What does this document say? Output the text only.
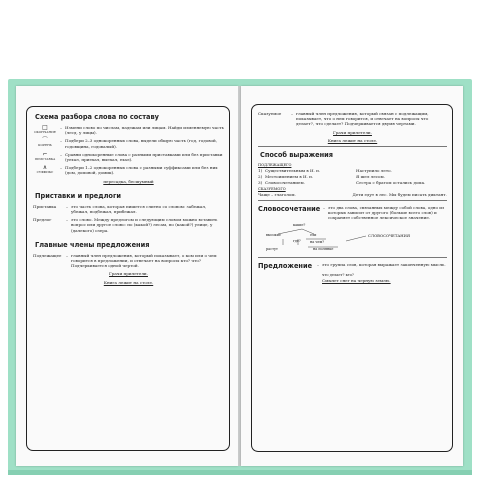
Схема разбора слова по составу
□
ОКОНЧАНИЕ
– Измени слово по числам, падежам или лицам. Найди изменяемую часть (лесд, у лицы).
⌒
КОРЕНЬ
– Подбери 2–3 однокоренных слова, выдели общую часть (год, годовой, годовщина, годовалый).
⌐
ПРИСТАВКА
– Сравни однокоренные слова с разными приставками или без приставки (уехал, приехал, выехал, ехал).
∧
СУФФИКС
– Подбери 1–2 однокоренных слова с разными суффиксами или без них (дом, домовой, домик).
пересадка, бесшумный
Приставки и предлоги
Приставка	– это часть слова, которая пишется слитно со словом: забежал, убежал, подбежал, прибежал.
Предлог	– это слово. Между предлогом и следующим словом можно вставить вопрос или другое слово: по (какой?) лесам, по (какой?) улице, у (далекого) озера.
Главные члены предложения
Подлежащее	– главный член предложения, который показывает, о ком или о чем говорится в предложении, и отвечает на вопросы кто? что? Подчеркивается одной чертой.
Грачи прилетели.
Книга лежит на столе.
Сказуемое	– главный член предложения, который связан с подлежащим, показывает, что о нем говорится, и отвечает на вопросы что делает?, что сделает? Подчеркивается двумя чертами.
Грачи прилетели.
Книга лежит на столе.
Способ выражения
ПОДЛЕЖАЩЕГО
1) Существительным в И. п.	Наступило лето.
2) Местоимением в И. п.	Я шел лесом.
3) Словосочетанием.	Сестра с братом остались дома.
СКАЗУЕМОГО
Чаще – глаголом.	Дети едут в лес. Мы будем писать диктант.
Словосочетание – это два слова, связанных между собой слова, одно из которых зависит от другого (больше всего слов) и сохраняет собственное лексическое значение.
какие?
высокие	ели
где?	на чем?
растут	на полянке
СЛОВОСОЧЕТАНИЯ
Предложение	– это группа слов, которая выражает законченную мысль.
что делает? кто?
Смылет снег на черную землю.
